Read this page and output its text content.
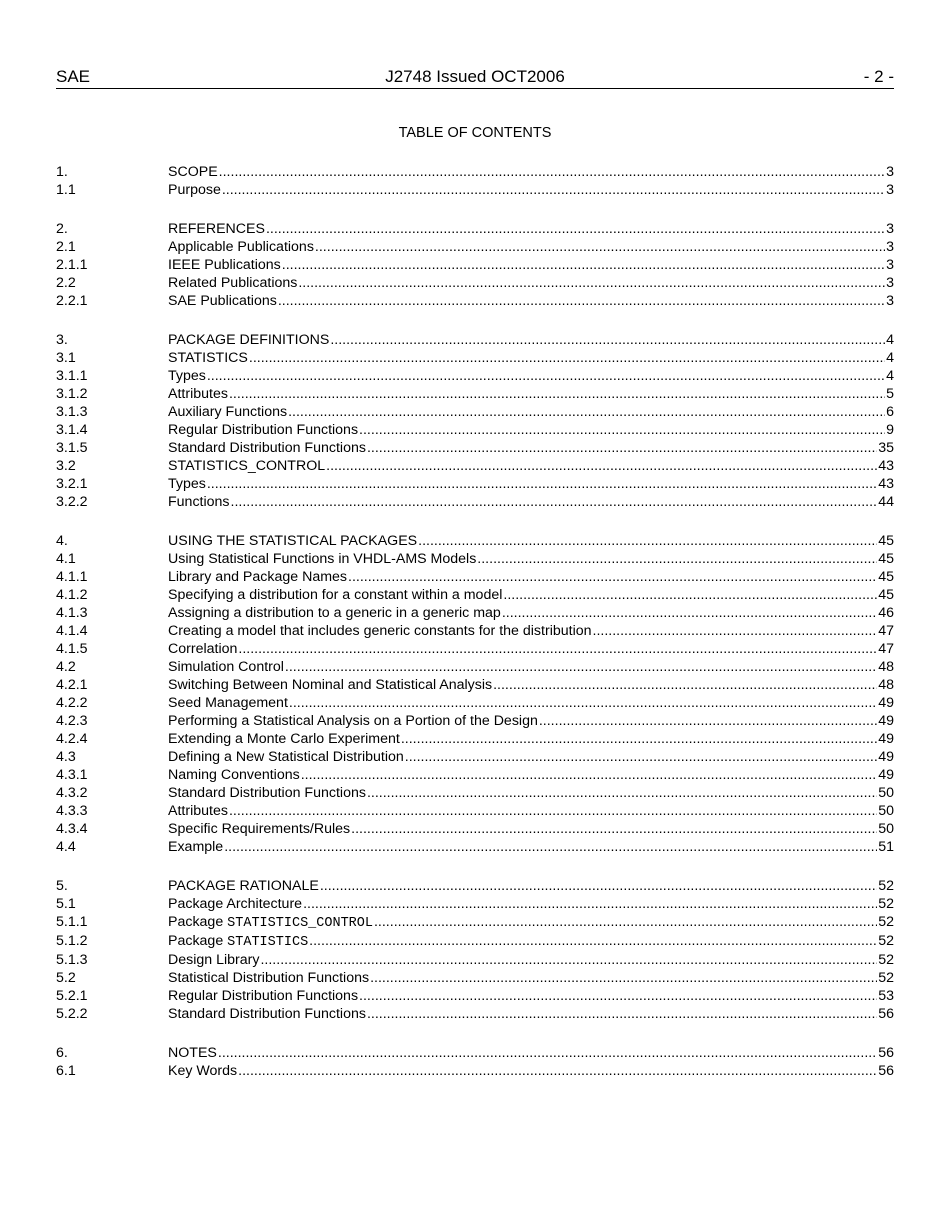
SAE	J2748 Issued OCT2006	- 2 -
TABLE OF CONTENTS
1.	SCOPE .....	3
1.1	Purpose .....	3
2.	REFERENCES .....	3
2.1	Applicable Publications .....	3
2.1.1	IEEE Publications .....	3
2.2	Related Publications .....	3
2.2.1	SAE Publications .....	3
3.	PACKAGE DEFINITIONS .....	4
3.1	STATISTICS .....	4
3.1.1	Types .....	4
3.1.2	Attributes .....	5
3.1.3	Auxiliary Functions .....	6
3.1.4	Regular Distribution Functions .....	9
3.1.5	Standard Distribution Functions .....	35
3.2	STATISTICS_CONTROL .....	43
3.2.1	Types .....	43
3.2.2	Functions .....	44
4.	USING THE STATISTICAL PACKAGES .....	45
4.1	Using Statistical Functions in VHDL-AMS Models .....	45
4.1.1	Library and Package Names .....	45
4.1.2	Specifying a distribution for a constant within a model .....	45
4.1.3	Assigning a distribution to a generic in a generic map .....	46
4.1.4	Creating a model that includes generic constants for the distribution .....	47
4.1.5	Correlation .....	47
4.2	Simulation Control .....	48
4.2.1	Switching Between Nominal and Statistical Analysis .....	48
4.2.2	Seed Management .....	49
4.2.3	Performing a Statistical Analysis on a Portion of the Design .....	49
4.2.4	Extending a Monte Carlo Experiment .....	49
4.3	Defining a New Statistical Distribution .....	49
4.3.1	Naming Conventions .....	49
4.3.2	Standard Distribution Functions .....	50
4.3.3	Attributes .....	50
4.3.4	Specific Requirements/Rules .....	50
4.4	Example .....	51
5.	PACKAGE RATIONALE .....	52
5.1	Package Architecture .....	52
5.1.1	Package STATISTICS_CONTROL .....	52
5.1.2	Package STATISTICS .....	52
5.1.3	Design Library .....	52
5.2	Statistical Distribution Functions .....	52
5.2.1	Regular Distribution Functions .....	53
5.2.2	Standard Distribution Functions .....	56
6.	NOTES .....	56
6.1	Key Words .....	56
